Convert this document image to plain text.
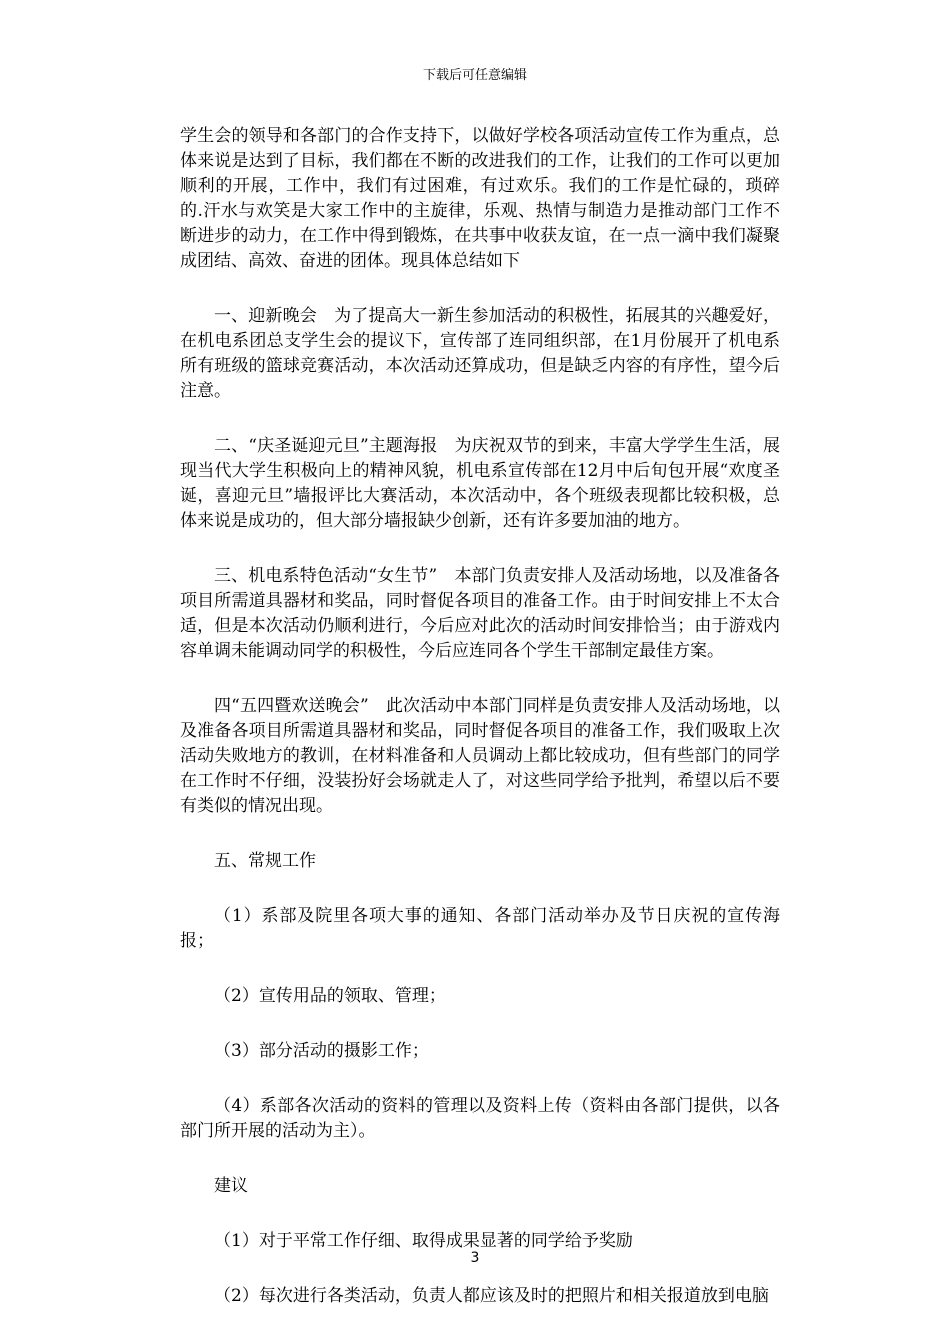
下载后可任意编辑

学生会的领导和各部门的合作支持下，以做好学校各项活动宣传工作为重点，总体来说是达到了目标，我们都在不断的改进我们的工作，让我们的工作可以更加顺利的开展，工作中，我们有过困难，有过欢乐。我们的工作是忙碌的，琐碎的.汗水与欢笑是大家工作中的主旋律，乐观、热情与制造力是推动部门工作不断进步的动力，在工作中得到锻炼，在共事中收获友谊，在一点一滴中我们凝聚成团结、高效、奋进的团体。现具体总结如下

一、迎新晚会　为了提高大一新生参加活动的积极性，拓展其的兴趣爱好，在机电系团总支学生会的提议下，宣传部了连同组织部，在1月份展开了机电系所有班级的篮球竞赛活动，本次活动还算成功，但是缺乏内容的有序性，望今后注意。

二、“庆圣诞迎元旦”主题海报　为庆祝双节的到来，丰富大学学生生活，展现当代大学生积极向上的精神风貌，机电系宣传部在12月中后旬包开展“欢度圣诞，喜迎元旦”墙报评比大赛活动，本次活动中，各个班级表现都比较积极，总体来说是成功的，但大部分墙报缺少创新，还有许多要加油的地方。

三、机电系特色活动“女生节”　本部门负责安排人及活动场地，以及准备各项目所需道具器材和奖品，同时督促各项目的准备工作。由于时间安排上不太合适，但是本次活动仍顺利进行，今后应对此次的活动时间安排恰当；由于游戏内容单调未能调动同学的积极性，今后应连同各个学生干部制定最佳方案。

四“五四暨欢送晚会”　此次活动中本部门同样是负责安排人及活动场地，以及准备各项目所需道具器材和奖品，同时督促各项目的准备工作，我们吸取上次活动失败地方的教训，在材料准备和人员调动上都比较成功，但有些部门的同学在工作时不仔细，没装扮好会场就走人了，对这些同学给予批判，希望以后不要有类似的情况出现。

五、常规工作

（1）系部及院里各项大事的通知、各部门活动举办及节日庆祝的宣传海报；

（2）宣传用品的领取、管理；

（3）部分活动的摄影工作；

（4）系部各次活动的资料的管理以及资料上传（资料由各部门提供，以各部门所开展的活动为主）。

建议

（1）对于平常工作仔细、取得成果显著的同学给予奖励

（2）每次进行各类活动，负责人都应该及时的把照片和相关报道放到电脑

3
